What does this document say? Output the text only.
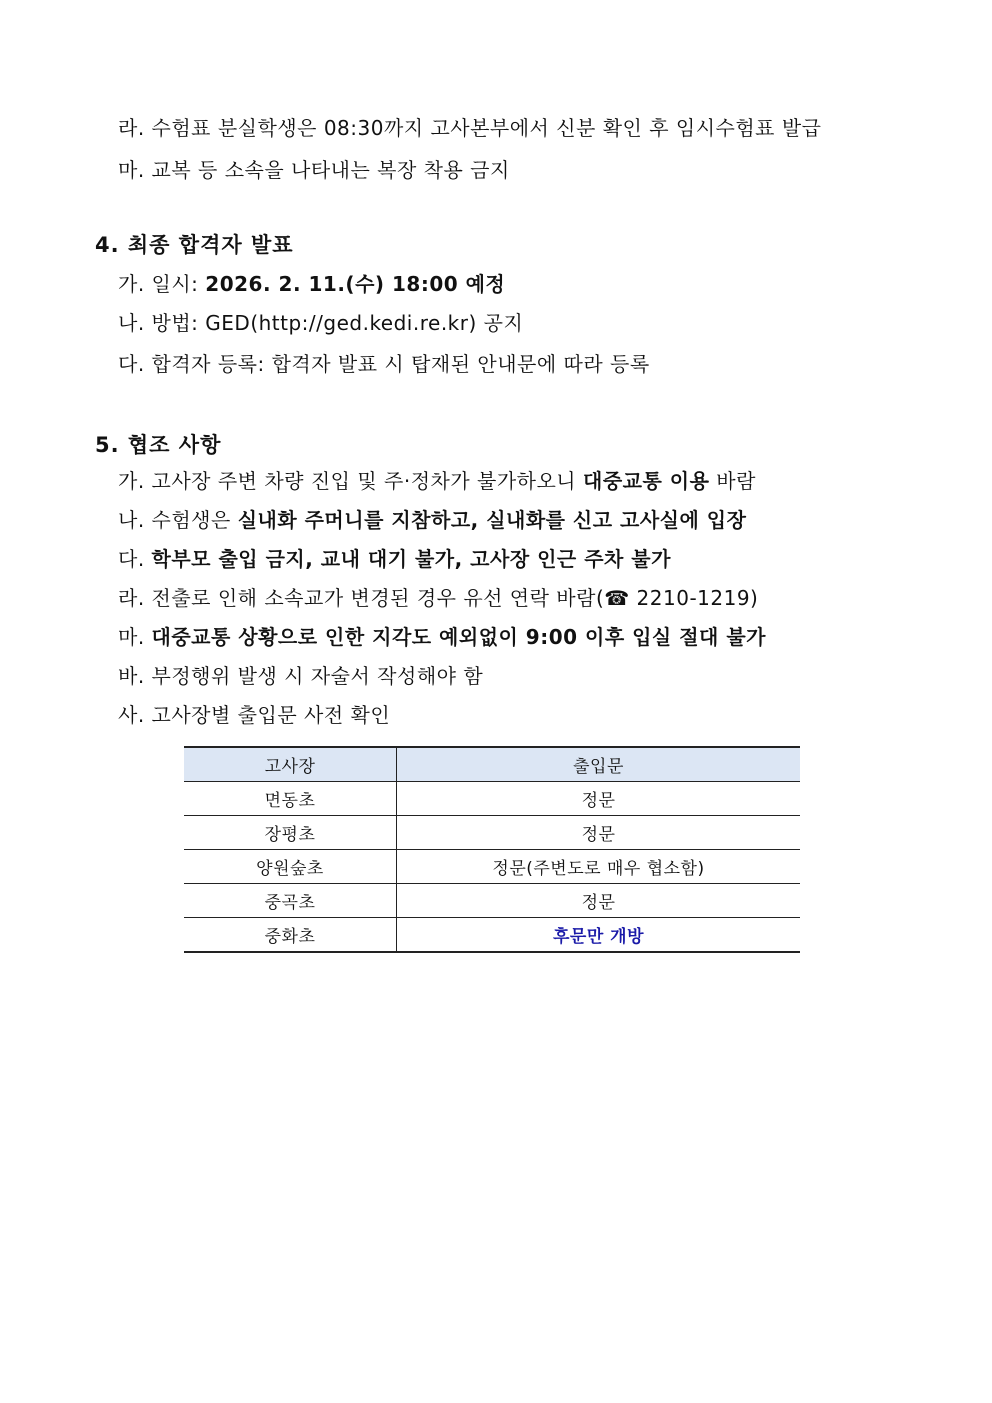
라. 수험표 분실학생은 08:30까지 고사본부에서 신분 확인 후 임시수험표 발급
마. 교복 등 소속을 나타내는 복장 착용 금지
4. 최종 합격자 발표
가. 일시: 2026. 2. 11.(수) 18:00 예정
나. 방법: GED(http://ged.kedi.re.kr) 공지
다. 합격자 등록: 합격자 발표 시 탑재된 안내문에 따라 등록
5. 협조 사항
가. 고사장 주변 차량 진입 및 주·정차가 불가하오니 대중교통 이용 바람
나. 수험생은 실내화 주머니를 지참하고, 실내화를 신고 고사실에 입장
다. 학부모 출입 금지, 교내 대기 불가, 고사장 인근 주차 불가
라. 전출로 인해 소속교가 변경된 경우 유선 연락 바람(☎ 2210-1219)
마. 대중교통 상황으로 인한 지각도 예외없이 9:00 이후 입실 절대 불가
바. 부정행위 발생 시 자술서 작성해야 함
사. 고사장별 출입문 사전 확인
고사장	출입문
면동초	정문
장평초	정문
양원숲초	정문(주변도로 매우 협소함)
중곡초	정문
중화초	후문만 개방
